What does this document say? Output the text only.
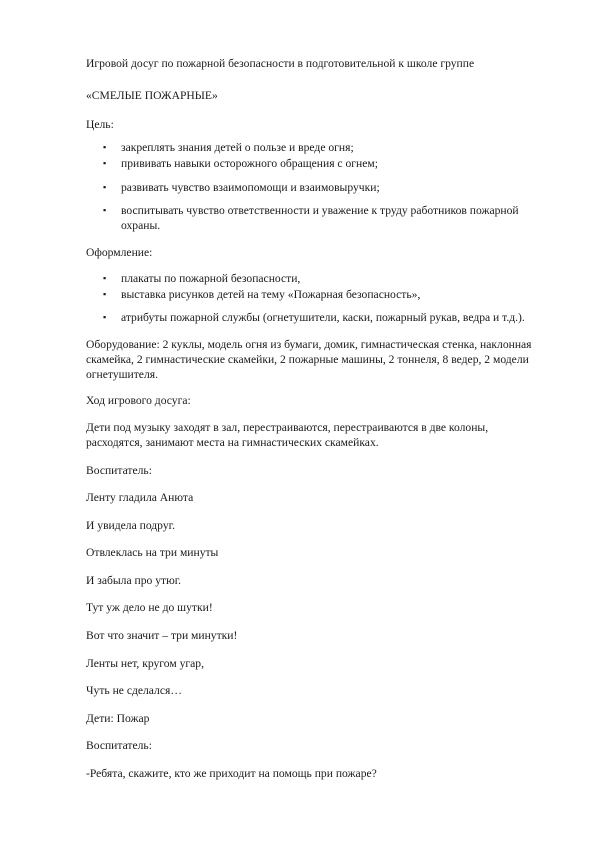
Игровой досуг по пожарной безопасности в подготовительной к школе группе

«СМЕЛЫЕ ПОЖАРНЫЕ»

Цель:

▪	закреплять знания детей о пользе и вреде огня;

▪	прививать навыки осторожного обращения с огнем;

▪	развивать чувство взаимопомощи и взаимовыручки;

▪	воспитывать чувство ответственности и уважение к труду работников пожарной охраны.

Оформление:

▪	плакаты по пожарной безопасности,

▪	выставка рисунков детей на тему «Пожарная безопасность»,

▪	атрибуты пожарной службы (огнетушители, каски, пожарный рукав, ведра и т.д.).

Оборудование: 2 куклы, модель огня из бумаги, домик, гимнастическая стенка, наклонная скамейка, 2 гимнастические скамейки, 2 пожарные машины, 2 тоннеля, 8 ведер, 2 модели огнетушителя.

Ход игрового досуга:

Дети под музыку заходят в зал, перестраиваются, перестраиваются в две колоны, расходятся, занимают места на гимнастических скамейках.

Воспитатель:

Ленту гладила Анюта

И увидела подруг.

Отвлеклась на три минуты

И забыла про утюг.

Тут уж дело не до шутки!

Вот что значит – три минутки!

Ленты нет, кругом угар,

Чуть не сделался…

Дети: Пожар

Воспитатель:

-Ребята, скажите, кто же приходит на помощь при пожаре?
